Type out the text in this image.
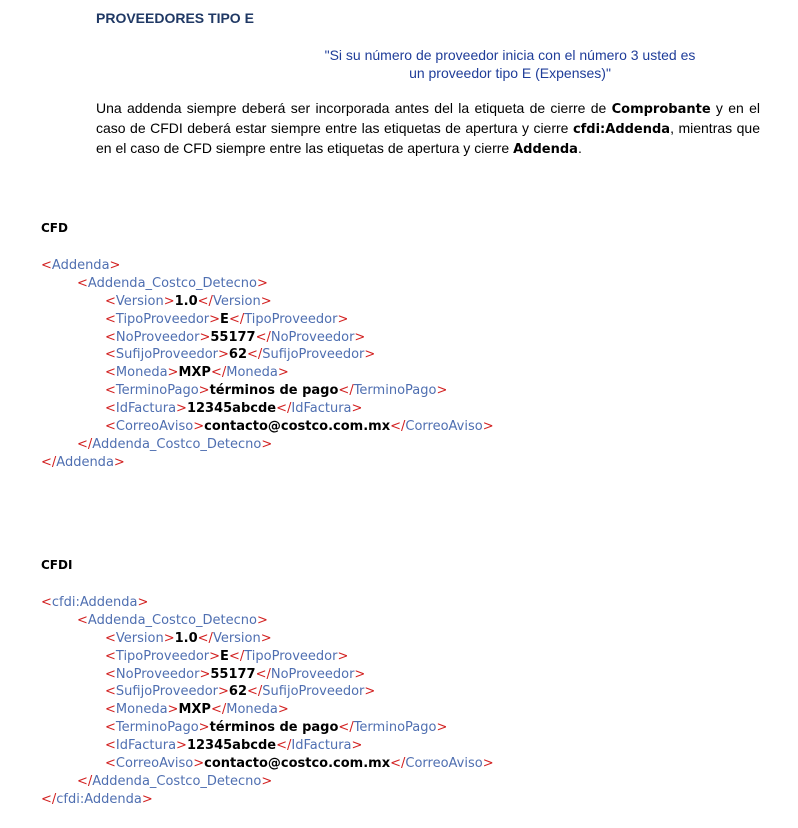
PROVEEDORES TIPO E
"Si su número de proveedor inicia con el número 3 usted es
un proveedor tipo E (Expenses)"
Una addenda siempre deberá ser incorporada antes del la etiqueta de cierre de Comprobante y en el caso de CFDI deberá estar siempre entre las etiquetas de apertura y cierre cfdi:Addenda, mientras que en el caso de CFD siempre entre las etiquetas de apertura y cierre Addenda.
CFD
<Addenda>
<Addenda_Costco_Detecno>
<Version>1.0</Version>
<TipoProveedor>E</TipoProveedor>
<NoProveedor>55177</NoProveedor>
<SufijoProveedor>62</SufijoProveedor>
<Moneda>MXP</Moneda>
<TerminoPago>términos de pago</TerminoPago>
<IdFactura>12345abcde</IdFactura>
<CorreoAviso>contacto@costco.com.mx</CorreoAviso>
</Addenda_Costco_Detecno>
</Addenda>
CFDI
<cfdi:Addenda>
<Addenda_Costco_Detecno>
<Version>1.0</Version>
<TipoProveedor>E</TipoProveedor>
<NoProveedor>55177</NoProveedor>
<SufijoProveedor>62</SufijoProveedor>
<Moneda>MXP</Moneda>
<TerminoPago>términos de pago</TerminoPago>
<IdFactura>12345abcde</IdFactura>
<CorreoAviso>contacto@costco.com.mx</CorreoAviso>
</Addenda_Costco_Detecno>
</cfdi:Addenda>
